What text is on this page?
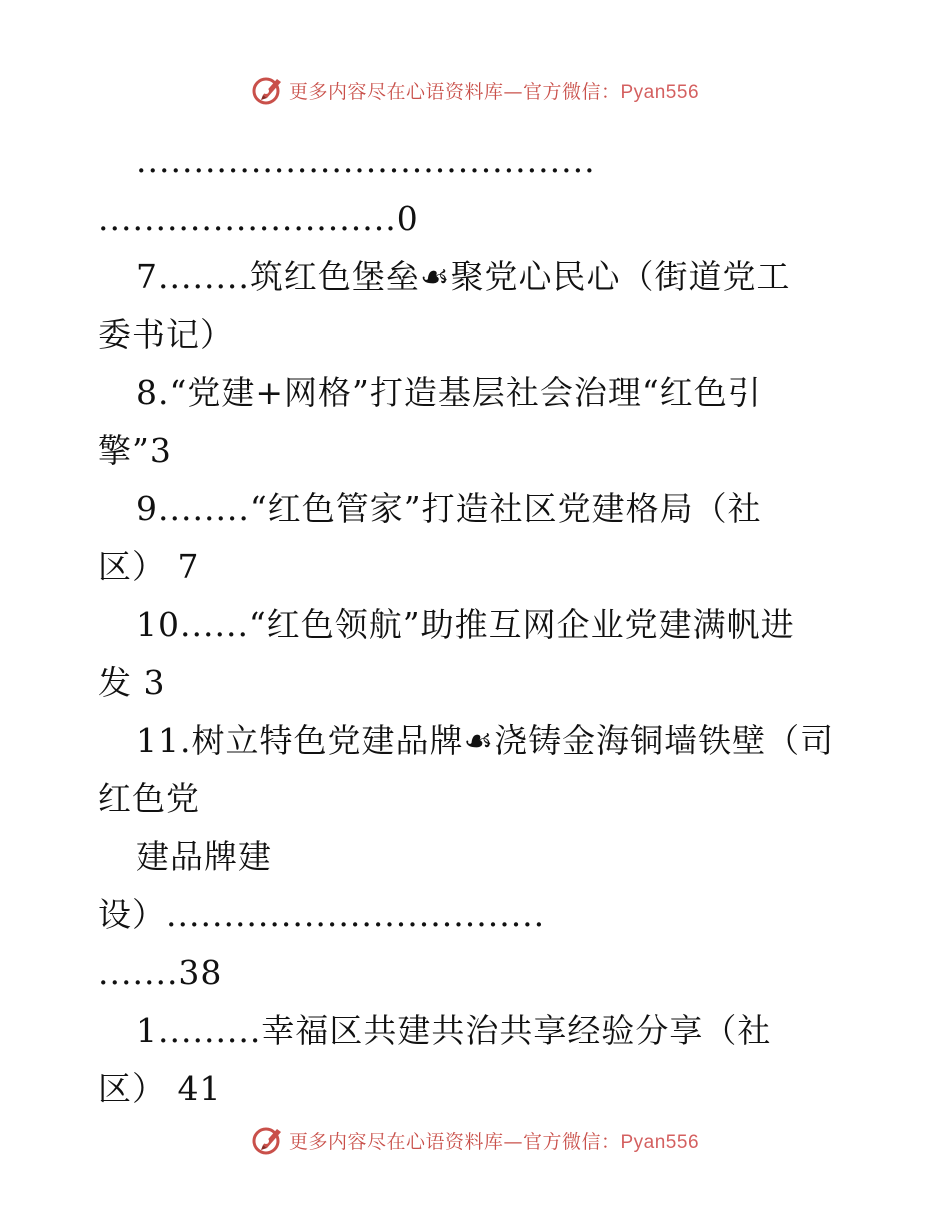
更多内容尽在心语资料库—官方微信：Pyan556
........................................
..........................0
7........筑红色堡垒☙聚党心民心（街道党工
委书记）
8.“党建+网格”打造基层社会治理“红色引
擎”3
9........“红色管家”打造社区党建格局（社
区） 7
10......“红色领航”助推互网企业党建满帆进
发 3
11.树立特色党建品牌☙浇铸金海铜墙铁壁（司
红色党
建品牌建
设）.................................
.......38
1.........幸福区共建共治共享经验分享（社
区） 41
更多内容尽在心语资料库—官方微信：Pyan556
